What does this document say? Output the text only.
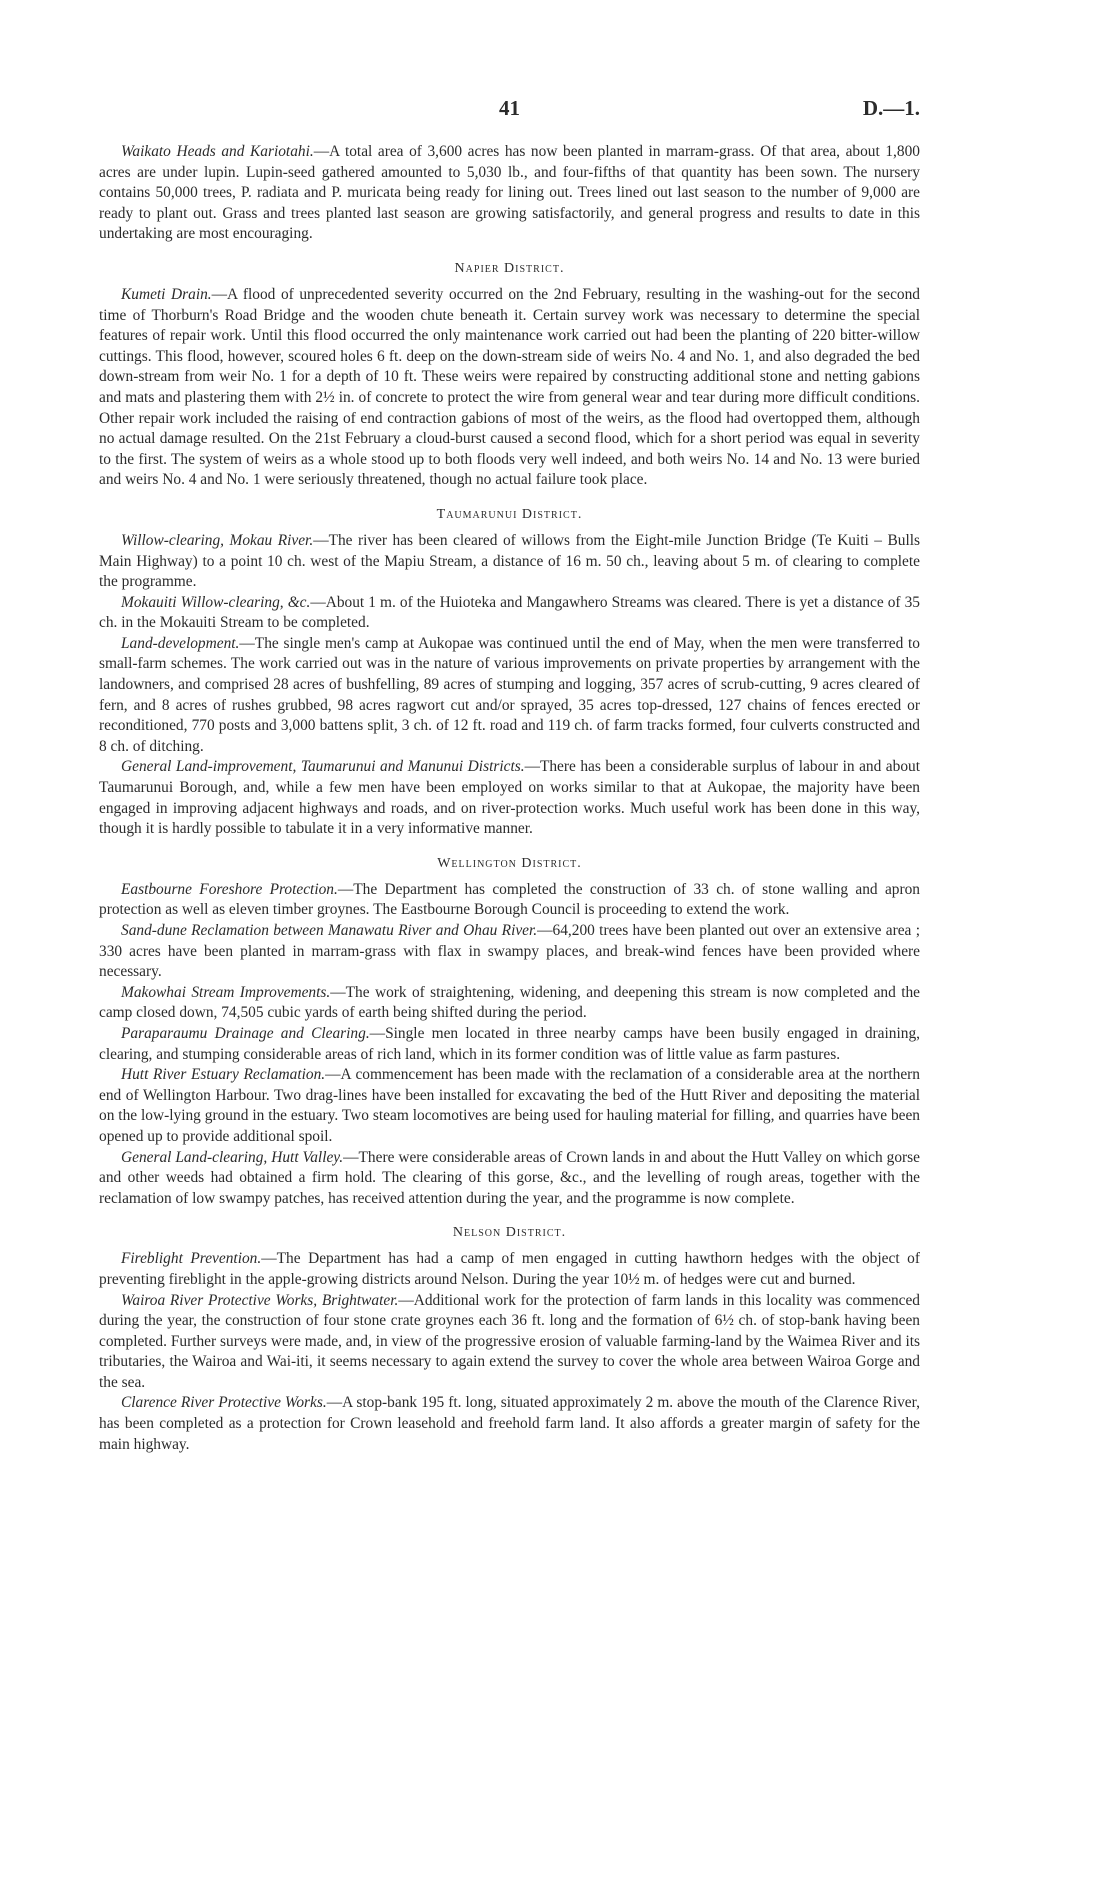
41	D.—1.

Waikato Heads and Kariotahi.—A total area of 3,600 acres has now been planted in marram-grass. Of that area, about 1,800 acres are under lupin. Lupin-seed gathered amounted to 5,030 lb., and four-fifths of that quantity has been sown. The nursery contains 50,000 trees, P. radiata and P. muricata being ready for lining out. Trees lined out last season to the number of 9,000 are ready to plant out. Grass and trees planted last season are growing satisfactorily, and general progress and results to date in this undertaking are most encouraging.

Napier District.

Kumeti Drain.—A flood of unprecedented severity occurred on the 2nd February, resulting in the washing-out for the second time of Thorburn's Road Bridge and the wooden chute beneath it. Certain survey work was necessary to determine the special features of repair work. Until this flood occurred the only maintenance work carried out had been the planting of 220 bitter-willow cuttings. This flood, however, scoured holes 6 ft. deep on the down-stream side of weirs No. 4 and No. 1, and also degraded the bed down-stream from weir No. 1 for a depth of 10 ft. These weirs were repaired by constructing additional stone and netting gabions and mats and plastering them with 2½ in. of concrete to protect the wire from general wear and tear during more difficult conditions. Other repair work included the raising of end contraction gabions of most of the weirs, as the flood had overtopped them, although no actual damage resulted. On the 21st February a cloud-burst caused a second flood, which for a short period was equal in severity to the first. The system of weirs as a whole stood up to both floods very well indeed, and both weirs No. 14 and No. 13 were buried and weirs No. 4 and No. 1 were seriously threatened, though no actual failure took place.

Taumarunui District.

Willow-clearing, Mokau River.—The river has been cleared of willows from the Eight-mile Junction Bridge (Te Kuiti – Bulls Main Highway) to a point 10 ch. west of the Mapiu Stream, a distance of 16 m. 50 ch., leaving about 5 m. of clearing to complete the programme.

Mokauiti Willow-clearing, &c.—About 1 m. of the Huioteka and Mangawhero Streams was cleared. There is yet a distance of 35 ch. in the Mokauiti Stream to be completed.

Land-development.—The single men's camp at Aukopae was continued until the end of May, when the men were transferred to small-farm schemes. The work carried out was in the nature of various improvements on private properties by arrangement with the landowners, and comprised 28 acres of bushfelling, 89 acres of stumping and logging, 357 acres of scrub-cutting, 9 acres cleared of fern, and 8 acres of rushes grubbed, 98 acres ragwort cut and/or sprayed, 35 acres top-dressed, 127 chains of fences erected or reconditioned, 770 posts and 3,000 battens split, 3 ch. of 12 ft. road and 119 ch. of farm tracks formed, four culverts constructed and 8 ch. of ditching.

General Land-improvement, Taumarunui and Manunui Districts.—There has been a considerable surplus of labour in and about Taumarunui Borough, and, while a few men have been employed on works similar to that at Aukopae, the majority have been engaged in improving adjacent highways and roads, and on river-protection works. Much useful work has been done in this way, though it is hardly possible to tabulate it in a very informative manner.

Wellington District.

Eastbourne Foreshore Protection.—The Department has completed the construction of 33 ch. of stone walling and apron protection as well as eleven timber groynes. The Eastbourne Borough Council is proceeding to extend the work.

Sand-dune Reclamation between Manawatu River and Ohau River.—64,200 trees have been planted out over an extensive area ; 330 acres have been planted in marram-grass with flax in swampy places, and break-wind fences have been provided where necessary.

Makowhai Stream Improvements.—The work of straightening, widening, and deepening this stream is now completed and the camp closed down, 74,505 cubic yards of earth being shifted during the period.

Paraparaumu Drainage and Clearing.—Single men located in three nearby camps have been busily engaged in draining, clearing, and stumping considerable areas of rich land, which in its former condition was of little value as farm pastures.

Hutt River Estuary Reclamation.—A commencement has been made with the reclamation of a considerable area at the northern end of Wellington Harbour. Two drag-lines have been installed for excavating the bed of the Hutt River and depositing the material on the low-lying ground in the estuary. Two steam locomotives are being used for hauling material for filling, and quarries have been opened up to provide additional spoil.

General Land-clearing, Hutt Valley.—There were considerable areas of Crown lands in and about the Hutt Valley on which gorse and other weeds had obtained a firm hold. The clearing of this gorse, &c., and the levelling of rough areas, together with the reclamation of low swampy patches, has received attention during the year, and the programme is now complete.

Nelson District.

Fireblight Prevention.—The Department has had a camp of men engaged in cutting hawthorn hedges with the object of preventing fireblight in the apple-growing districts around Nelson. During the year 10½ m. of hedges were cut and burned.

Wairoa River Protective Works, Brightwater.—Additional work for the protection of farm lands in this locality was commenced during the year, the construction of four stone crate groynes each 36 ft. long and the formation of 6½ ch. of stop-bank having been completed. Further surveys were made, and, in view of the progressive erosion of valuable farming-land by the Waimea River and its tributaries, the Wairoa and Wai-iti, it seems necessary to again extend the survey to cover the whole area between Wairoa Gorge and the sea.

Clarence River Protective Works.—A stop-bank 195 ft. long, situated approximately 2 m. above the mouth of the Clarence River, has been completed as a protection for Crown leasehold and freehold farm land. It also affords a greater margin of safety for the main highway.
